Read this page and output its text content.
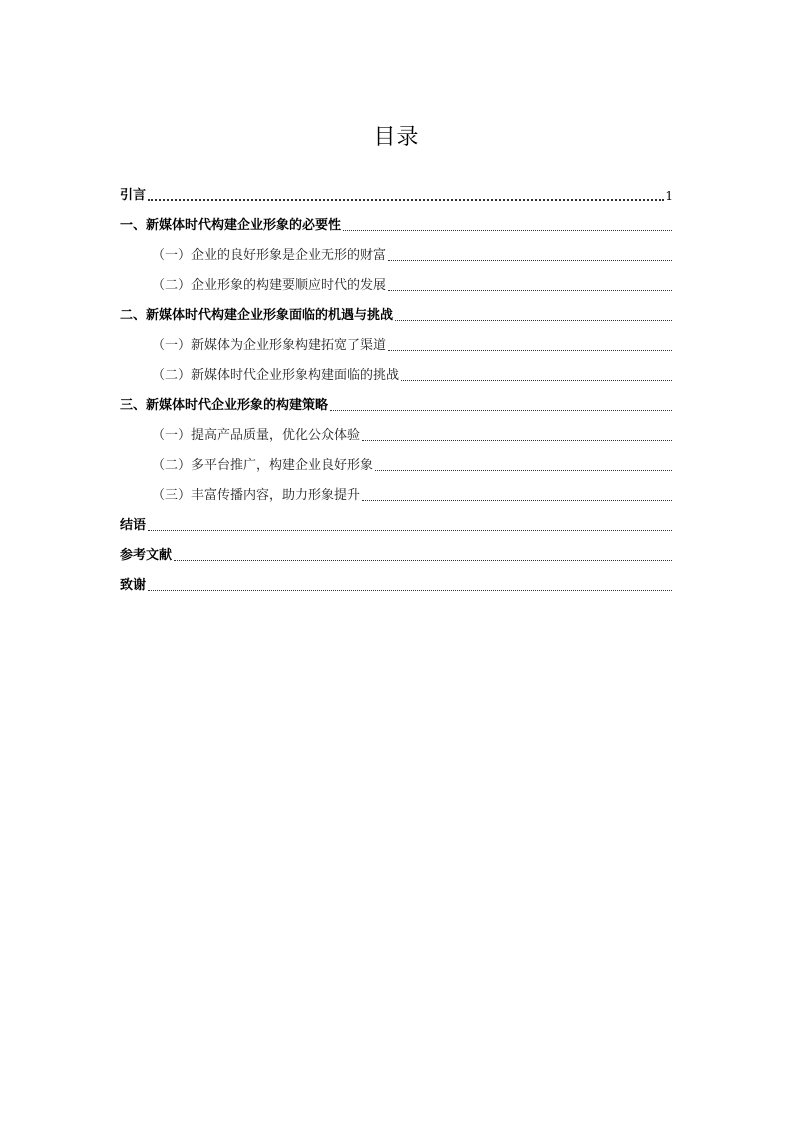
目录
引言	1
一、新媒体时代构建企业形象的必要性
（一）企业的良好形象是企业无形的财富
（二）企业形象的构建要顺应时代的发展
二、新媒体时代构建企业形象面临的机遇与挑战
（一）新媒体为企业形象构建拓宽了渠道
（二）新媒体时代企业形象构建面临的挑战
三、新媒体时代企业形象的构建策略
（一）提高产品质量，优化公众体验
（二）多平台推广，构建企业良好形象
（三）丰富传播内容，助力形象提升
结语
参考文献
致谢
